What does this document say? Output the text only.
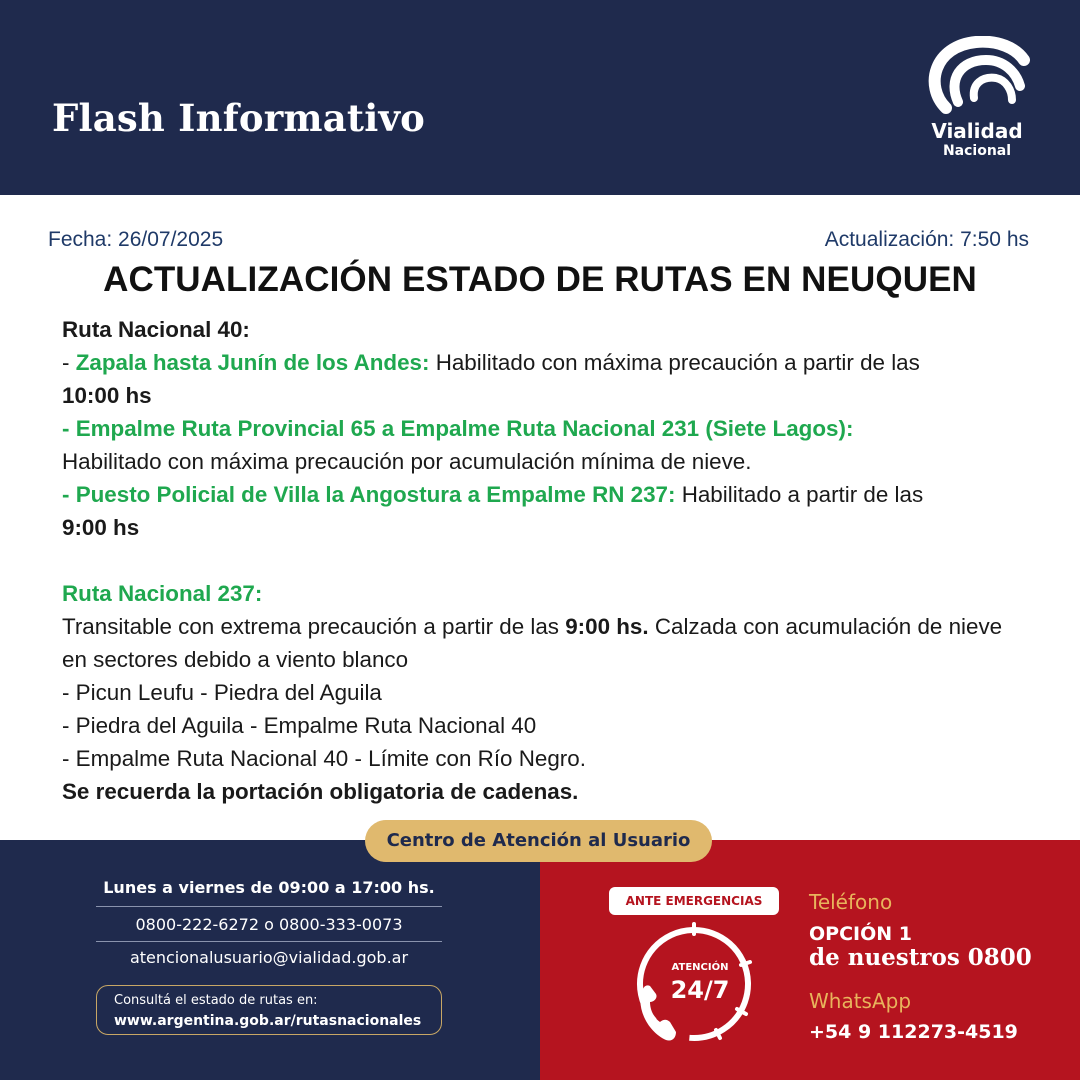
Flash Informativo	Vialidad
Nacional
Fecha: 26/07/2025	Actualización: 7:50 hs
ACTUALIZACIÓN ESTADO DE RUTAS EN NEUQUEN

Ruta Nacional 40:

- Zapala hasta Junín de los Andes: Habilitado con máxima precaución a partir de las

10:00 hs

- Empalme Ruta Provincial 65 a Empalme Ruta Nacional 231 (Siete Lagos):

Habilitado con máxima precaución por acumulación mínima de nieve.

- Puesto Policial de Villa la Angostura a Empalme RN 237: Habilitado a partir de las

9:00 hs

Ruta Nacional 237:

Transitable con extrema precaución a partir de las 9:00 hs. Calzada con acumulación de nieve en sectores debido a viento blanco

- Picun Leufu - Piedra del Aguila

- Piedra del Aguila - Empalme Ruta Nacional 40

- Empalme Ruta Nacional 40 - Límite con Río Negro.

Se recuerda la portación obligatoria de cadenas.

Centro de Atención al Usuario
Lunes a viernes de 09:00 a 17:00 hs.
0800-222-6272 o 0800-333-0073
atencionalusuario@vialidad.gob.ar
Consultá el estado de rutas en:
www.argentina.gob.ar/rutasnacionales
ANTE EMERGENCIAS
ATENCIÓN
24/7
Teléfono
OPCIÓN 1
de nuestros 0800
WhatsApp
+54 9 112273-4519
